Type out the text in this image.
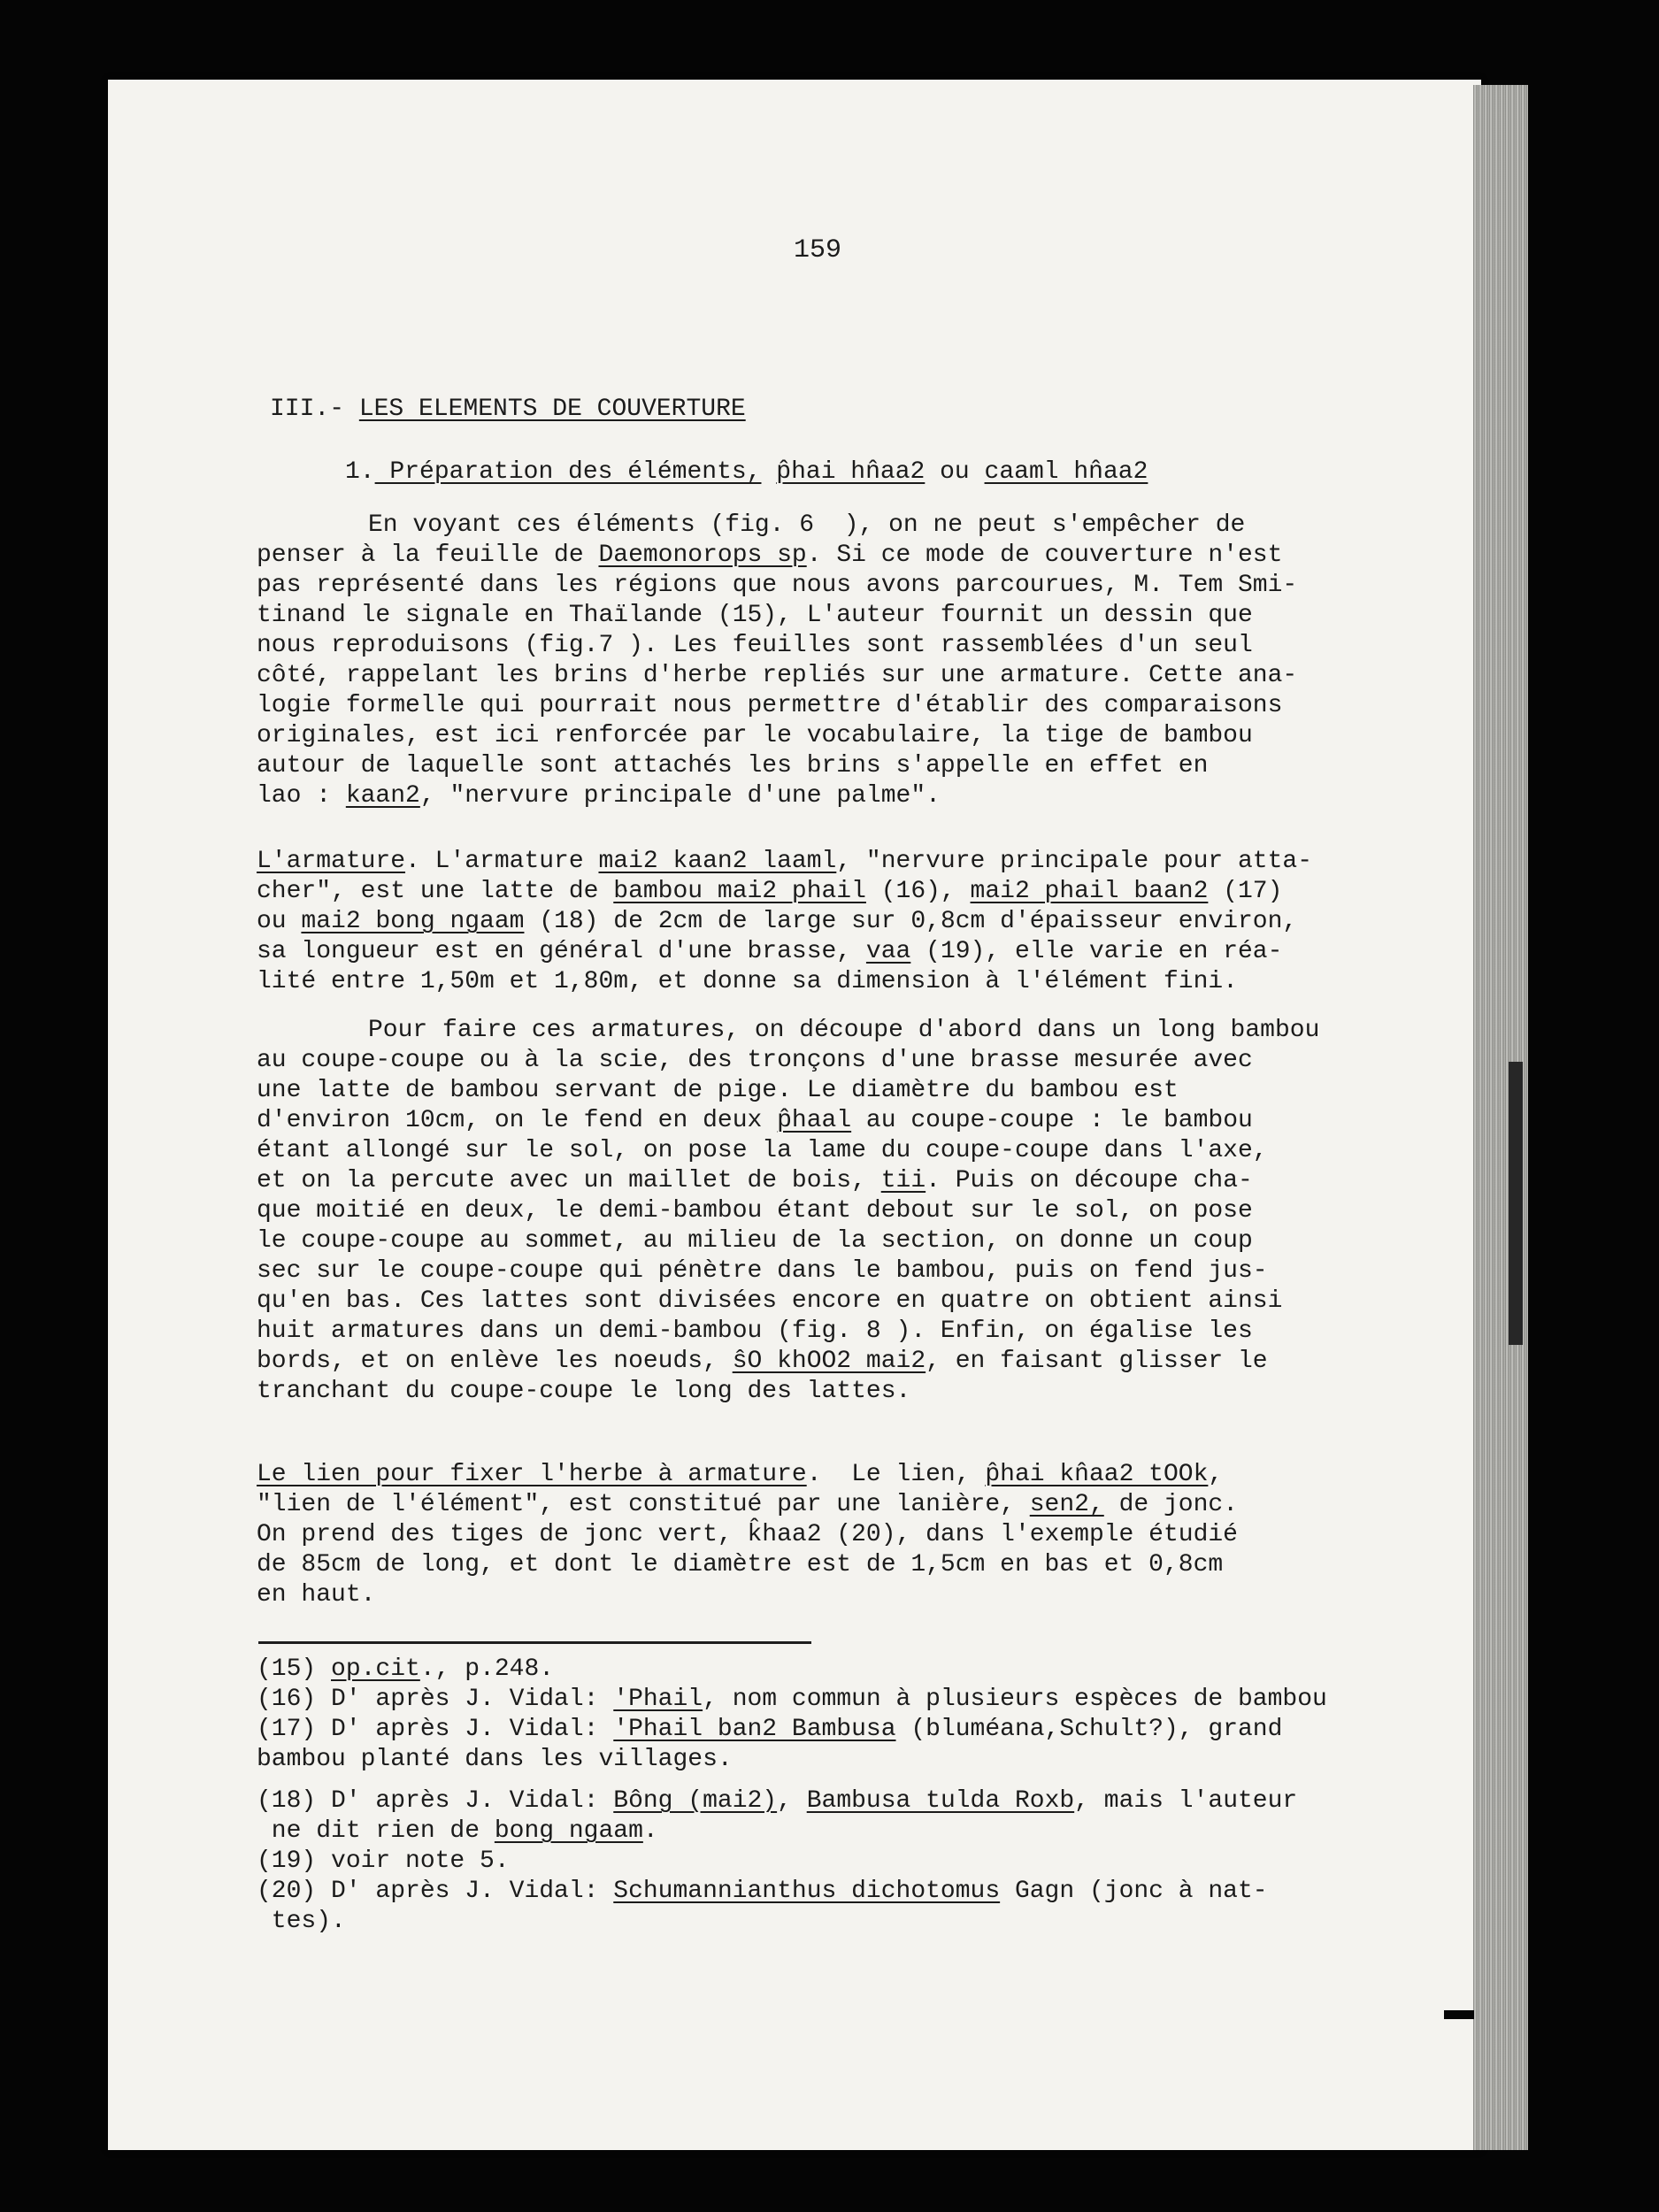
159
III.- LES ELEMENTS DE COUVERTURE
1. Préparation des éléments, p̂hai hn̂aa2 ou caaml hn̂aa2
En voyant ces éléments (fig. 6  ), on ne peut s'empêcher de
penser à la feuille de Daemonorops sp. Si ce mode de couverture n'est
pas représenté dans les régions que nous avons parcourues, M. Tem Smi-
tinand le signale en Thaïlande (15), L'auteur fournit un dessin que
nous reproduisons (fig.7 ). Les feuilles sont rassemblées d'un seul
côté, rappelant les brins d'herbe repliés sur une armature. Cette ana-
logie formelle qui pourrait nous permettre d'établir des comparaisons
originales, est ici renforcée par le vocabulaire, la tige de bambou
autour de laquelle sont attachés les brins s'appelle en effet en
lao : kaan2, "nervure principale d'une palme".
L'armature. L'armature mai2 kaan2 laaml, "nervure principale pour atta-
cher", est une latte de bambou mai2 phail (16), mai2 phail baan2 (17)
ou mai2 bong ngaam (18) de 2cm de large sur 0,8cm d'épaisseur environ,
sa longueur est en général d'une brasse, vaa (19), elle varie en réa-
lité entre 1,50m et 1,80m, et donne sa dimension à l'élément fini.
Pour faire ces armatures, on découpe d'abord dans un long bambou
au coupe-coupe ou à la scie, des tronçons d'une brasse mesurée avec
une latte de bambou servant de pige. Le diamètre du bambou est
d'environ 10cm, on le fend en deux p̂haal au coupe-coupe : le bambou
étant allongé sur le sol, on pose la lame du coupe-coupe dans l'axe,
et on la percute avec un maillet de bois, tii. Puis on découpe cha-
que moitié en deux, le demi-bambou étant debout sur le sol, on pose
le coupe-coupe au sommet, au milieu de la section, on donne un coup
sec sur le coupe-coupe qui pénètre dans le bambou, puis on fend jus-
qu'en bas. Ces lattes sont divisées encore en quatre on obtient ainsi
huit armatures dans un demi-bambou (fig. 8 ). Enfin, on égalise les
bords, et on enlève les noeuds, ŝO khOO2 mai2, en faisant glisser le
tranchant du coupe-coupe le long des lattes.
Le lien pour fixer l'herbe à armature.  Le lien, p̂hai kn̂aa2 tOOk,
"lien de l'élément", est constitué par une lanière, sen2, de jonc.
On prend des tiges de jonc vert, k̂haa2 (20), dans l'exemple étudié
de 85cm de long, et dont le diamètre est de 1,5cm en bas et 0,8cm
en haut.
(15) op.cit., p.248.
(16) D' après J. Vidal: 'Phail, nom commun à plusieurs espèces de bambou
(17) D' après J. Vidal: 'Phail ban2 Bambusa (bluméana,Schult?), grand
bambou planté dans les villages.
(18) D' après J. Vidal: Bông (mai2), Bambusa tulda Roxb, mais l'auteur
ne dit rien de bong ngaam.
(19) voir note 5.
(20) D' après J. Vidal: Schumannianthus dichotomus Gagn (jonc à nat-
tes).
